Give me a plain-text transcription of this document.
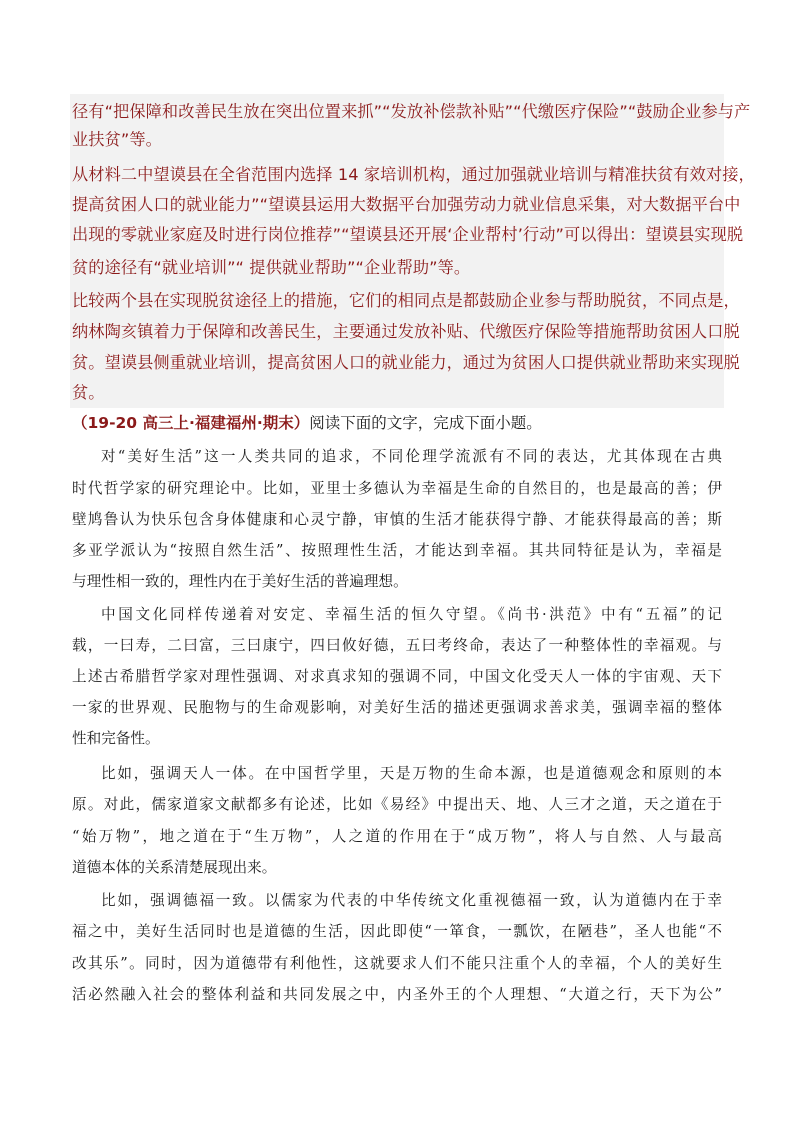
径有“把保障和改善民生放在突出位置来抓”“发放补偿款补贴”“代缴医疗保险”“鼓励企业参与产
业扶贫”等。
从材料二中望谟县在全省范围内选择 14 家培训机构，通过加强就业培训与精准扶贫有效对接，
提高贫困人口的就业能力”“望谟县运用大数据平台加强劳动力就业信息采集，对大数据平台中
出现的零就业家庭及时进行岗位推荐”“望谟县还开展‘企业帮村’行动”可以得出：望谟县实现脱
贫的途径有“就业培训”“ 提供就业帮助”“企业帮助”等。
比较两个县在实现脱贫途径上的措施，它们的相同点是都鼓励企业参与帮助脱贫，不同点是，
纳林陶亥镇着力于保障和改善民生，主要通过发放补贴、代缴医疗保险等措施帮助贫困人口脱
贫。望谟县侧重就业培训，提高贫困人口的就业能力，通过为贫困人口提供就业帮助来实现脱
贫。
（19-20 高三上·福建福州·期末）阅读下面的文字，完成下面小题。
对“美好生活”这一人类共同的追求，不同伦理学流派有不同的表达，尤其体现在古典
时代哲学家的研究理论中。比如，亚里士多德认为幸福是生命的自然目的，也是最高的善；伊
壁鸠鲁认为快乐包含身体健康和心灵宁静，审慎的生活才能获得宁静、才能获得最高的善；斯
多亚学派认为“按照自然生活”、按照理性生活，才能达到幸福。其共同特征是认为，幸福是
与理性相一致的，理性内在于美好生活的普遍理想。
中国文化同样传递着对安定、幸福生活的恒久守望。《尚书·洪范》中有“五福”的记
载，一曰寿，二曰富，三曰康宁，四曰攸好德，五曰考终命，表达了一种整体性的幸福观。与
上述古希腊哲学家对理性强调、对求真求知的强调不同，中国文化受天人一体的宇宙观、天下
一家的世界观、民胞物与的生命观影响，对美好生活的描述更强调求善求美，强调幸福的整体
性和完备性。
比如，强调天人一体。在中国哲学里，天是万物的生命本源，也是道德观念和原则的本
原。对此，儒家道家文献都多有论述，比如《易经》中提出天、地、人三才之道，天之道在于
“始万物”，地之道在于“生万物”，人之道的作用在于“成万物”，将人与自然、人与最高
道德本体的关系清楚展现出来。
比如，强调德福一致。以儒家为代表的中华传统文化重视德福一致，认为道德内在于幸
福之中，美好生活同时也是道德的生活，因此即使“一箪食，一瓢饮，在陋巷”，圣人也能“不
改其乐”。同时，因为道德带有利他性，这就要求人们不能只注重个人的幸福，个人的美好生
活必然融入社会的整体利益和共同发展之中，内圣外王的个人理想、“大道之行，天下为公”
